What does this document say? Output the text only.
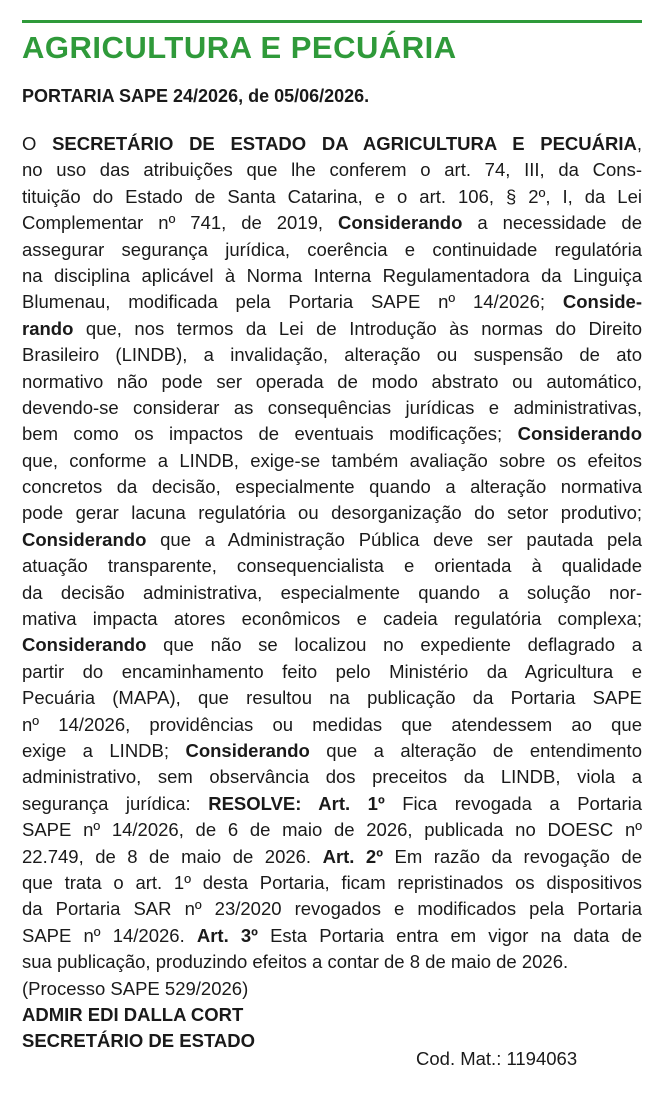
AGRICULTURA E PECUÁRIA
PORTARIA SAPE 24/2026, de 05/06/2026.
O SECRETÁRIO DE ESTADO DA AGRICULTURA E PECUÁRIA,
no uso das atribuições que lhe conferem o art. 74, III, da Cons-
tituição do Estado de Santa Catarina, e o art. 106, § 2º, I, da Lei
Complementar nº 741, de 2019, Considerando a necessidade de
assegurar segurança jurídica, coerência e continuidade regulatória
na disciplina aplicável à Norma Interna Regulamentadora da Linguiça
Blumenau, modificada pela Portaria SAPE nº 14/2026; Conside-
rando que, nos termos da Lei de Introdução às normas do Direito
Brasileiro (LINDB), a invalidação, alteração ou suspensão de ato
normativo não pode ser operada de modo abstrato ou automático,
devendo-se considerar as consequências jurídicas e administrativas,
bem como os impactos de eventuais modificações; Considerando
que, conforme a LINDB, exige-se também avaliação sobre os efeitos
concretos da decisão, especialmente quando a alteração normativa
pode gerar lacuna regulatória ou desorganização do setor produtivo;
Considerando que a Administração Pública deve ser pautada pela
atuação transparente, consequencialista e orientada à qualidade
da decisão administrativa, especialmente quando a solução nor-
mativa impacta atores econômicos e cadeia regulatória complexa;
Considerando que não se localizou no expediente deflagrado a
partir do encaminhamento feito pelo Ministério da Agricultura e
Pecuária (MAPA), que resultou na publicação da Portaria SAPE
nº 14/2026, providências ou medidas que atendessem ao que
exige a LINDB; Considerando que a alteração de entendimento
administrativo, sem observância dos preceitos da LINDB, viola a
segurança jurídica: RESOLVE: Art. 1º Fica revogada a Portaria
SAPE nº 14/2026, de 6 de maio de 2026, publicada no DOESC nº
22.749, de 8 de maio de 2026. Art. 2º Em razão da revogação de
que trata o art. 1º desta Portaria, ficam repristinados os dispositivos
da Portaria SAR nº 23/2020 revogados e modificados pela Portaria
SAPE nº 14/2026. Art. 3º Esta Portaria entra em vigor na data de
sua publicação, produzindo efeitos a contar de 8 de maio de 2026.
(Processo SAPE 529/2026)
ADMIR EDI DALLA CORT
SECRETÁRIO DE ESTADO

Cod. Mat.: 1194063
